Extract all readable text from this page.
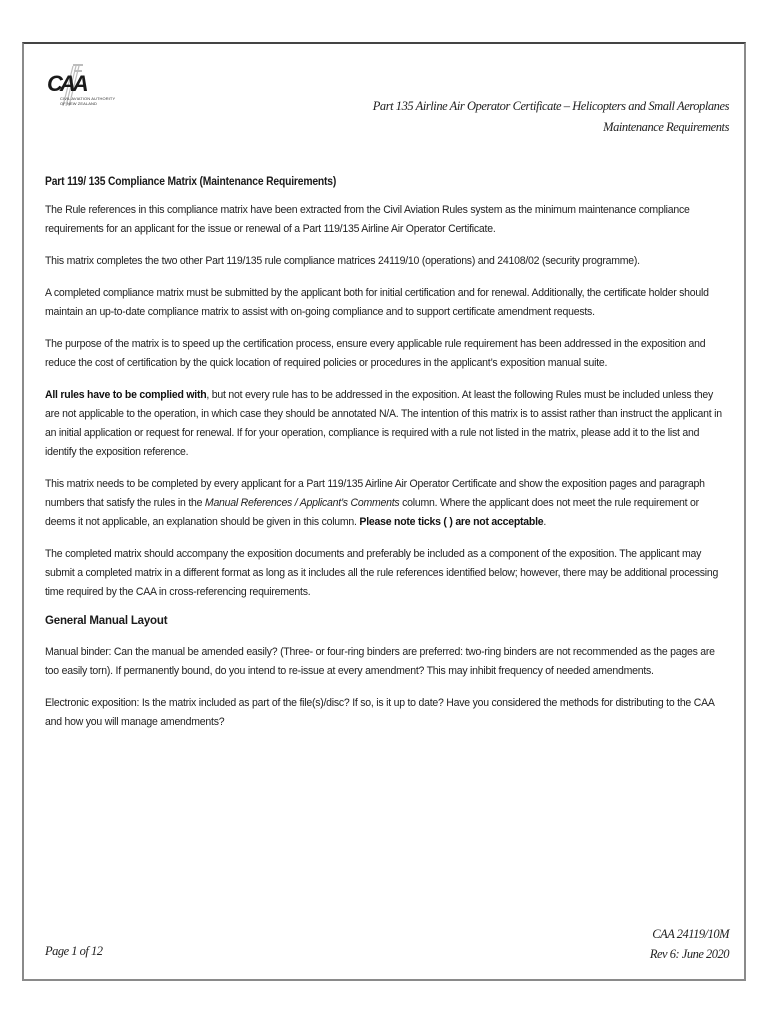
CAA
CIVIL AVIATION AUTHORITY
OF NEW ZEALAND	Part 135 Airline Air Operator Certificate – Helicopters and Small Aeroplanes
Maintenance Requirements
Part 119/ 135 Compliance Matrix (Maintenance Requirements)

The Rule references in this compliance matrix have been extracted from the Civil Aviation Rules system as the minimum maintenance compliance requirements for an applicant for the issue or renewal of a Part 119/135 Airline Air Operator Certificate.

This matrix completes the two other Part 119/135 rule compliance matrices 24119/10 (operations) and 24108/02 (security programme).

A completed compliance matrix must be submitted by the applicant both for initial certification and for renewal. Additionally, the certificate holder should maintain an up-to-date compliance matrix to assist with on-going compliance and to support certificate amendment requests.

The purpose of the matrix is to speed up the certification process, ensure every applicable rule requirement has been addressed in the exposition and reduce the cost of certification by the quick location of required policies or procedures in the applicant’s exposition manual suite.

All rules have to be complied with, but not every rule has to be addressed in the exposition. At least the following Rules must be included unless they are not applicable to the operation, in which case they should be annotated N/A. The intention of this matrix is to assist rather than instruct the applicant in an initial application or request for renewal. If for your operation, compliance is required with a rule not listed in the matrix, please add it to the list and identify the exposition reference.

This matrix needs to be completed by every applicant for a Part 119/135 Airline Air Operator Certificate and show the exposition pages and paragraph numbers that satisfy the rules in the Manual References / Applicant’s Comments column. Where the applicant does not meet the rule requirement or deems it not applicable, an explanation should be given in this column. Please note ticks ( ) are not acceptable.

The completed matrix should accompany the exposition documents and preferably be included as a component of the exposition. The applicant may submit a completed matrix in a different format as long as it includes all the rule references identified below; however, there may be additional processing time required by the CAA in cross-referencing requirements.

General Manual Layout

Manual binder: Can the manual be amended easily? (Three- or four-ring binders are preferred: two-ring binders are not recommended as the pages are too easily torn). If permanently bound, do you intend to re-issue at every amendment? This may inhibit frequency of needed amendments.

Electronic exposition: Is the matrix included as part of the file(s)/disc? If so, is it up to date? Have you considered the methods for distributing to the CAA and how you will manage amendments?

Page 1 of 12
CAA 24119/10M
Rev 6: June 2020
